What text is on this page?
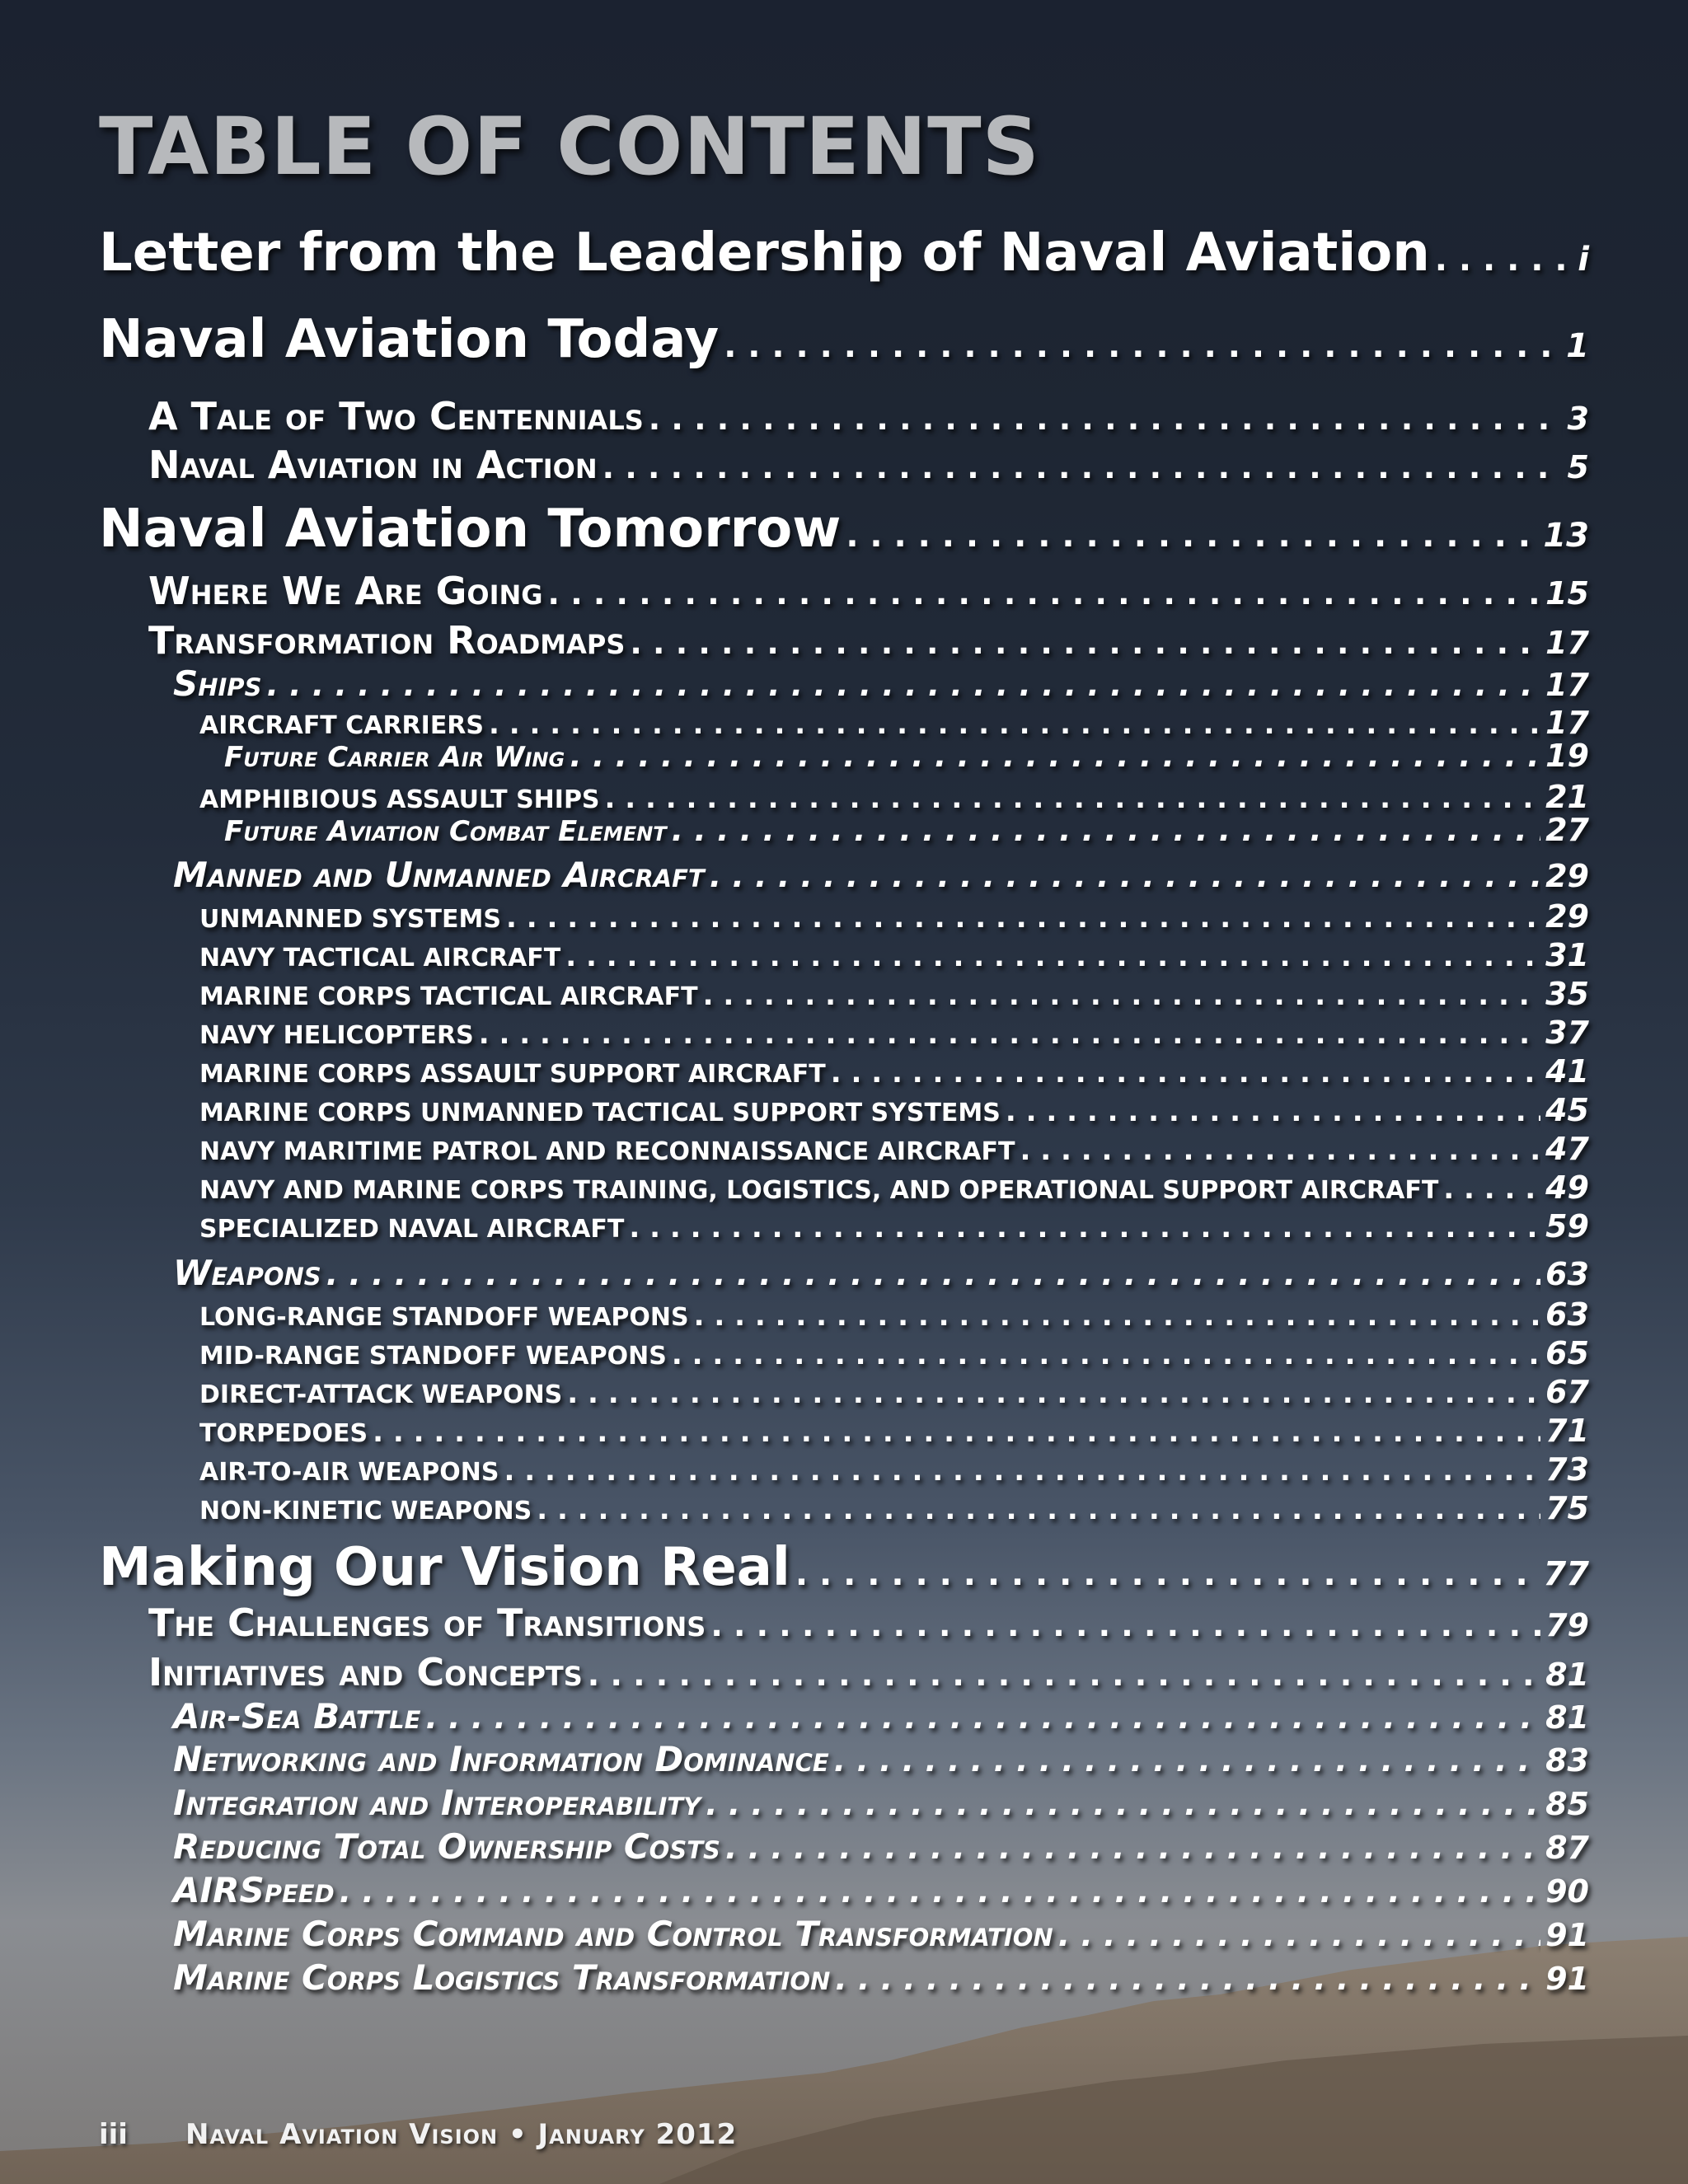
TABLE OF CONTENTS
Letter from the Leadership of Naval Aviation . . .	i
Naval Aviation Today . . .	1
A Tale of Two Centennials . . .	3
Naval Aviation in Action . . .	5
Naval Aviation Tomorrow . . .	13
Where We Are Going . . .	15
Transformation Roadmaps . . .	17
Ships . . .	17
AIRCRAFT CARRIERS . . .	17
Future Carrier Air Wing . . .	19
AMPHIBIOUS ASSAULT SHIPS . . .	21
Future Aviation Combat Element . . .	27
Manned and Unmanned Aircraft . . .	29
UNMANNED SYSTEMS . . .	29
NAVY TACTICAL AIRCRAFT . . .	31
MARINE CORPS TACTICAL AIRCRAFT . . .	35
NAVY HELICOPTERS . . .	37
MARINE CORPS ASSAULT SUPPORT AIRCRAFT . . .	41
MARINE CORPS UNMANNED TACTICAL SUPPORT SYSTEMS . . .	45
NAVY MARITIME PATROL AND RECONNAISSANCE AIRCRAFT . . .	47
NAVY AND MARINE CORPS TRAINING, LOGISTICS, AND OPERATIONAL SUPPORT AIRCRAFT . . .	49
SPECIALIZED NAVAL AIRCRAFT . . .	59
Weapons . . .	63
LONG-RANGE STANDOFF WEAPONS . . .	63
MID-RANGE STANDOFF WEAPONS . . .	65
DIRECT-ATTACK WEAPONS . . .	67
TORPEDOES . . .	71
AIR-TO-AIR WEAPONS . . .	73
NON-KINETIC WEAPONS . . .	75
Making Our Vision Real . . .	77
The Challenges of Transitions . . .	79
Initiatives and Concepts . . .	81
Air-Sea Battle . . .	81
Networking and Information Dominance . . .	83
Integration and Interoperability . . .	85
Reducing Total Ownership Costs . . .	87
AIRSpeed . . .	90
Marine Corps Command and Control Transformation . . .	91
Marine Corps Logistics Transformation . . .	91
iii Naval Aviation Vision • January 2012
